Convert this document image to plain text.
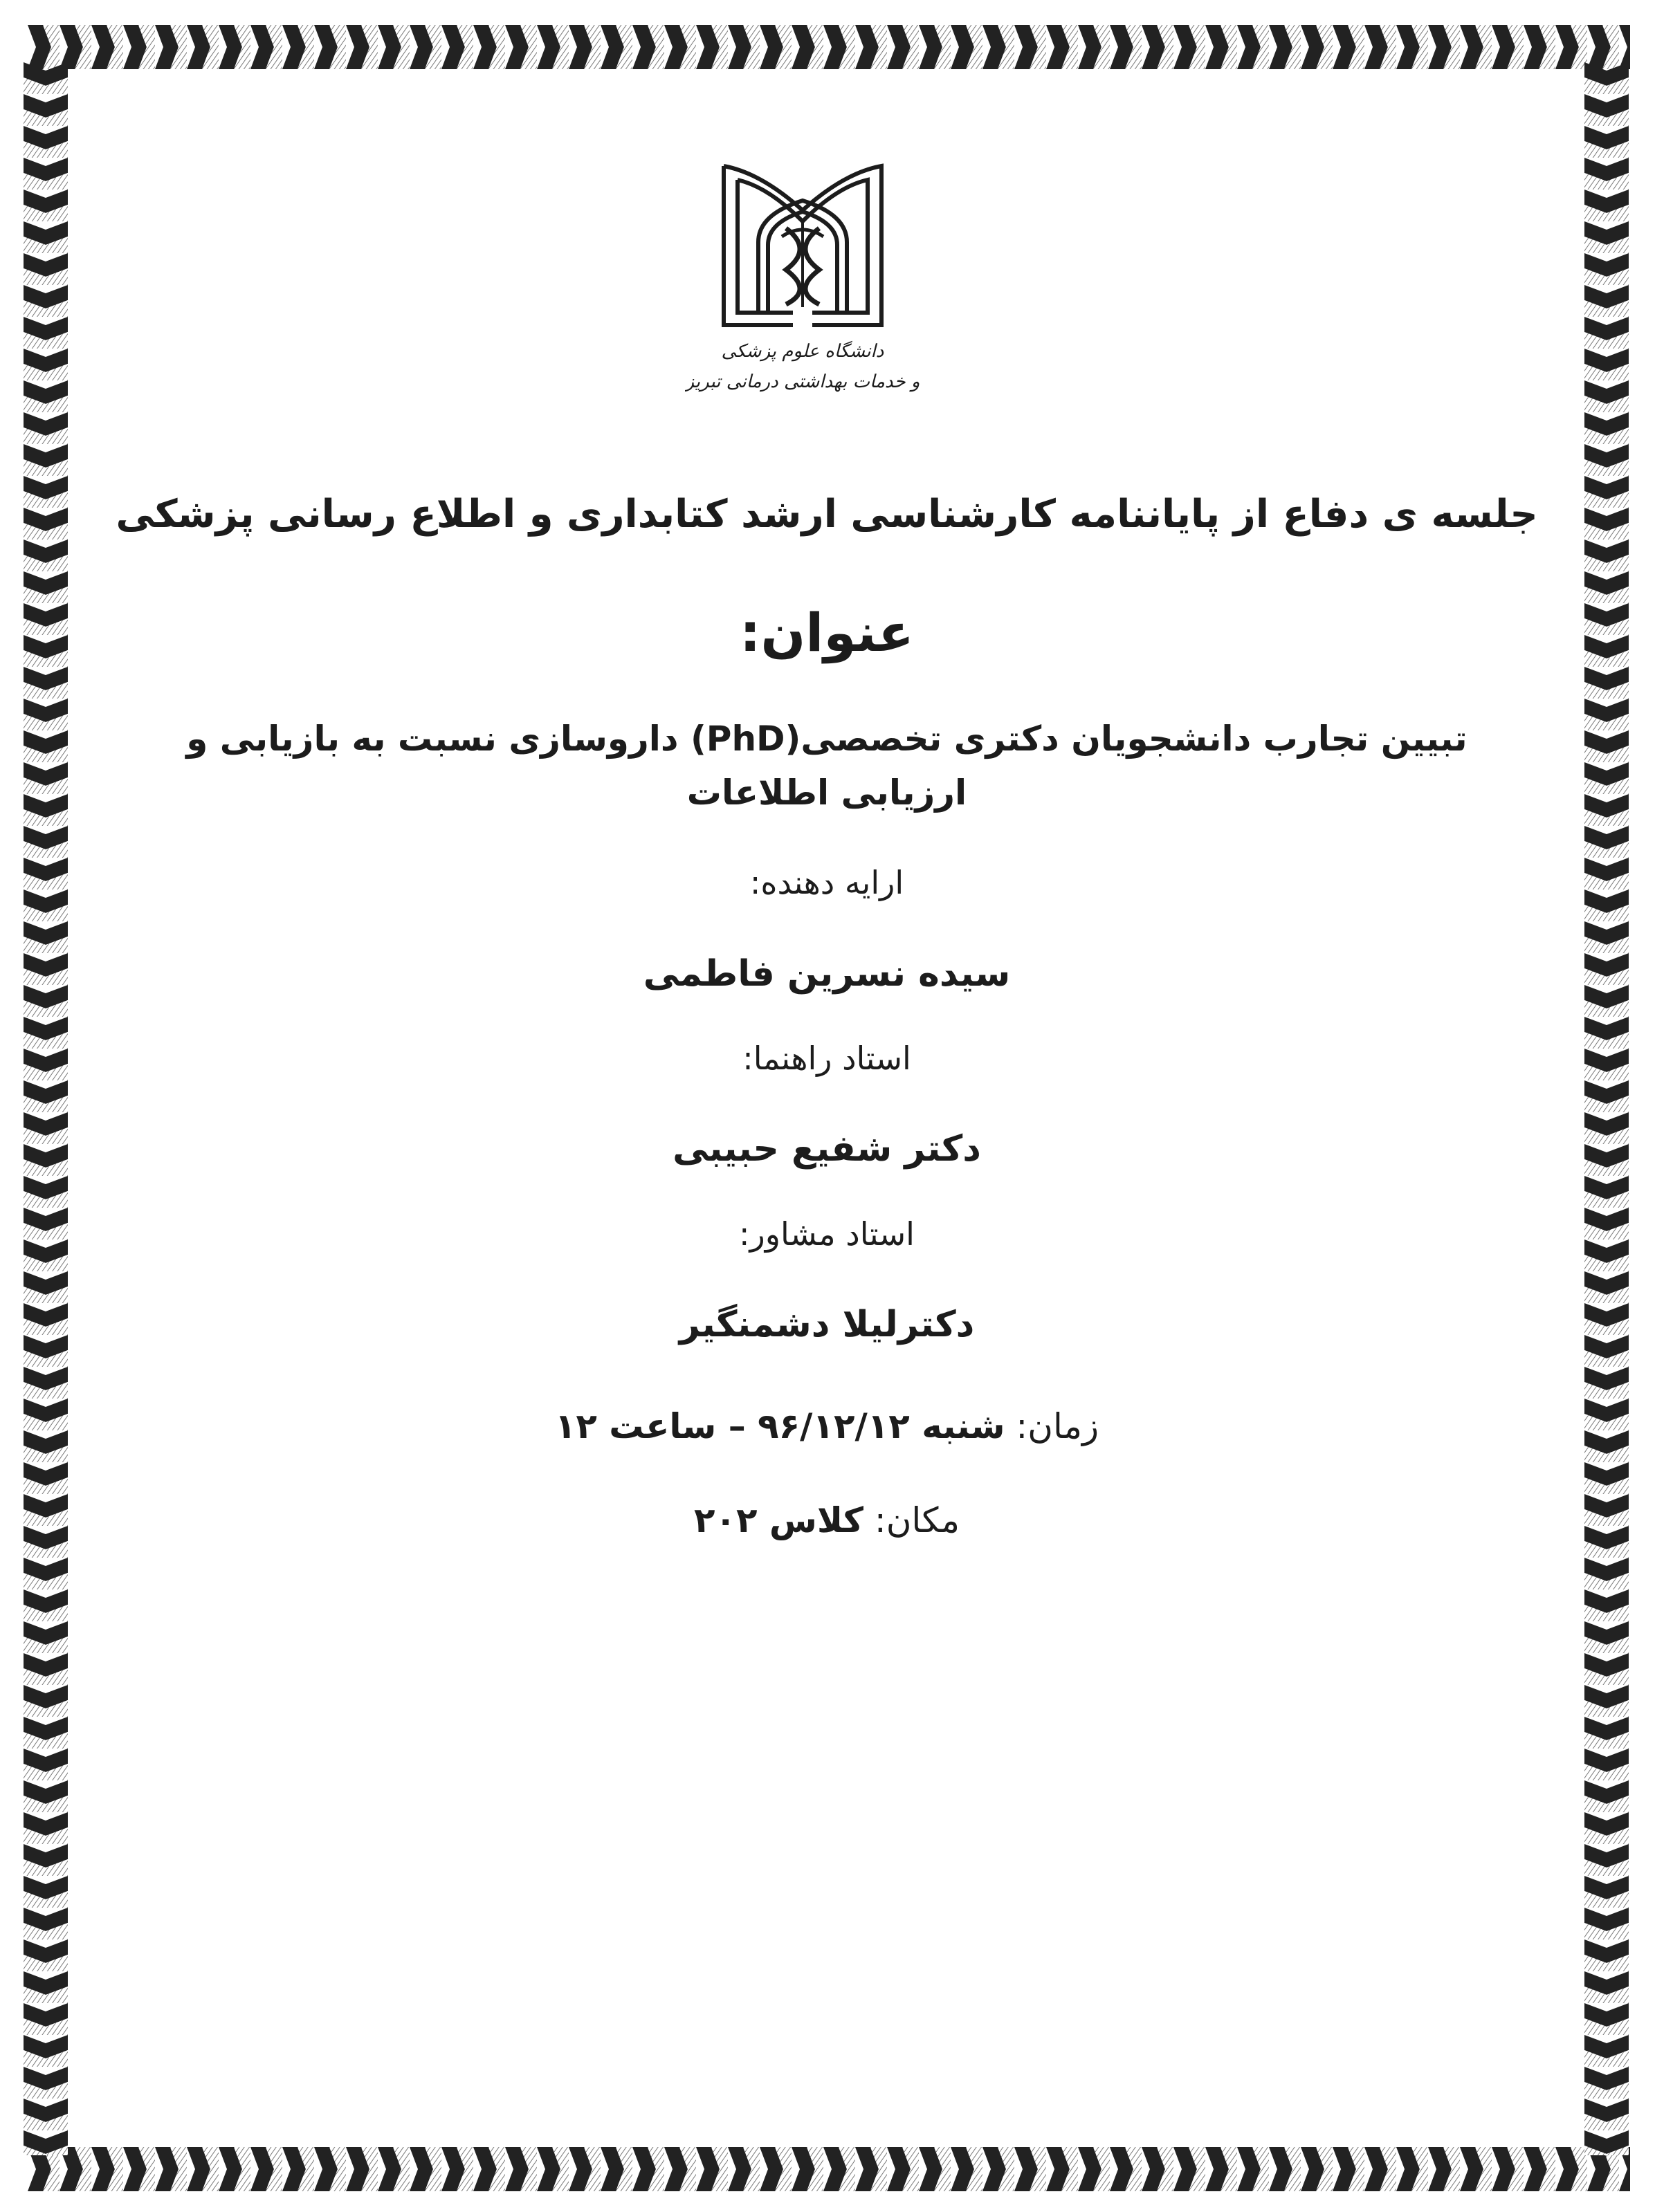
دانشگاه علوم پزشکی
و خدمات بهداشتی درمانی تبریز
جلسه ی دفاع از پایاننامه کارشناسی ارشد کتابداری و اطلاع رسانی پزشکی
عنوان:
تبیین تجارب دانشجویان دکتری تخصصی(PhD) داروسازی نسبت به بازیابی و
ارزیابی اطلاعات
ارایه دهنده:
سیده نسرین فاطمی
استاد راهنما:
دکتر شفیع حبیبی
استاد مشاور:
دکترلیلا دشمنگیر
زمان: شنبه ۹۶/۱۲/۱۲ – ساعت ۱۲
مکان: کلاس ۲۰۲
